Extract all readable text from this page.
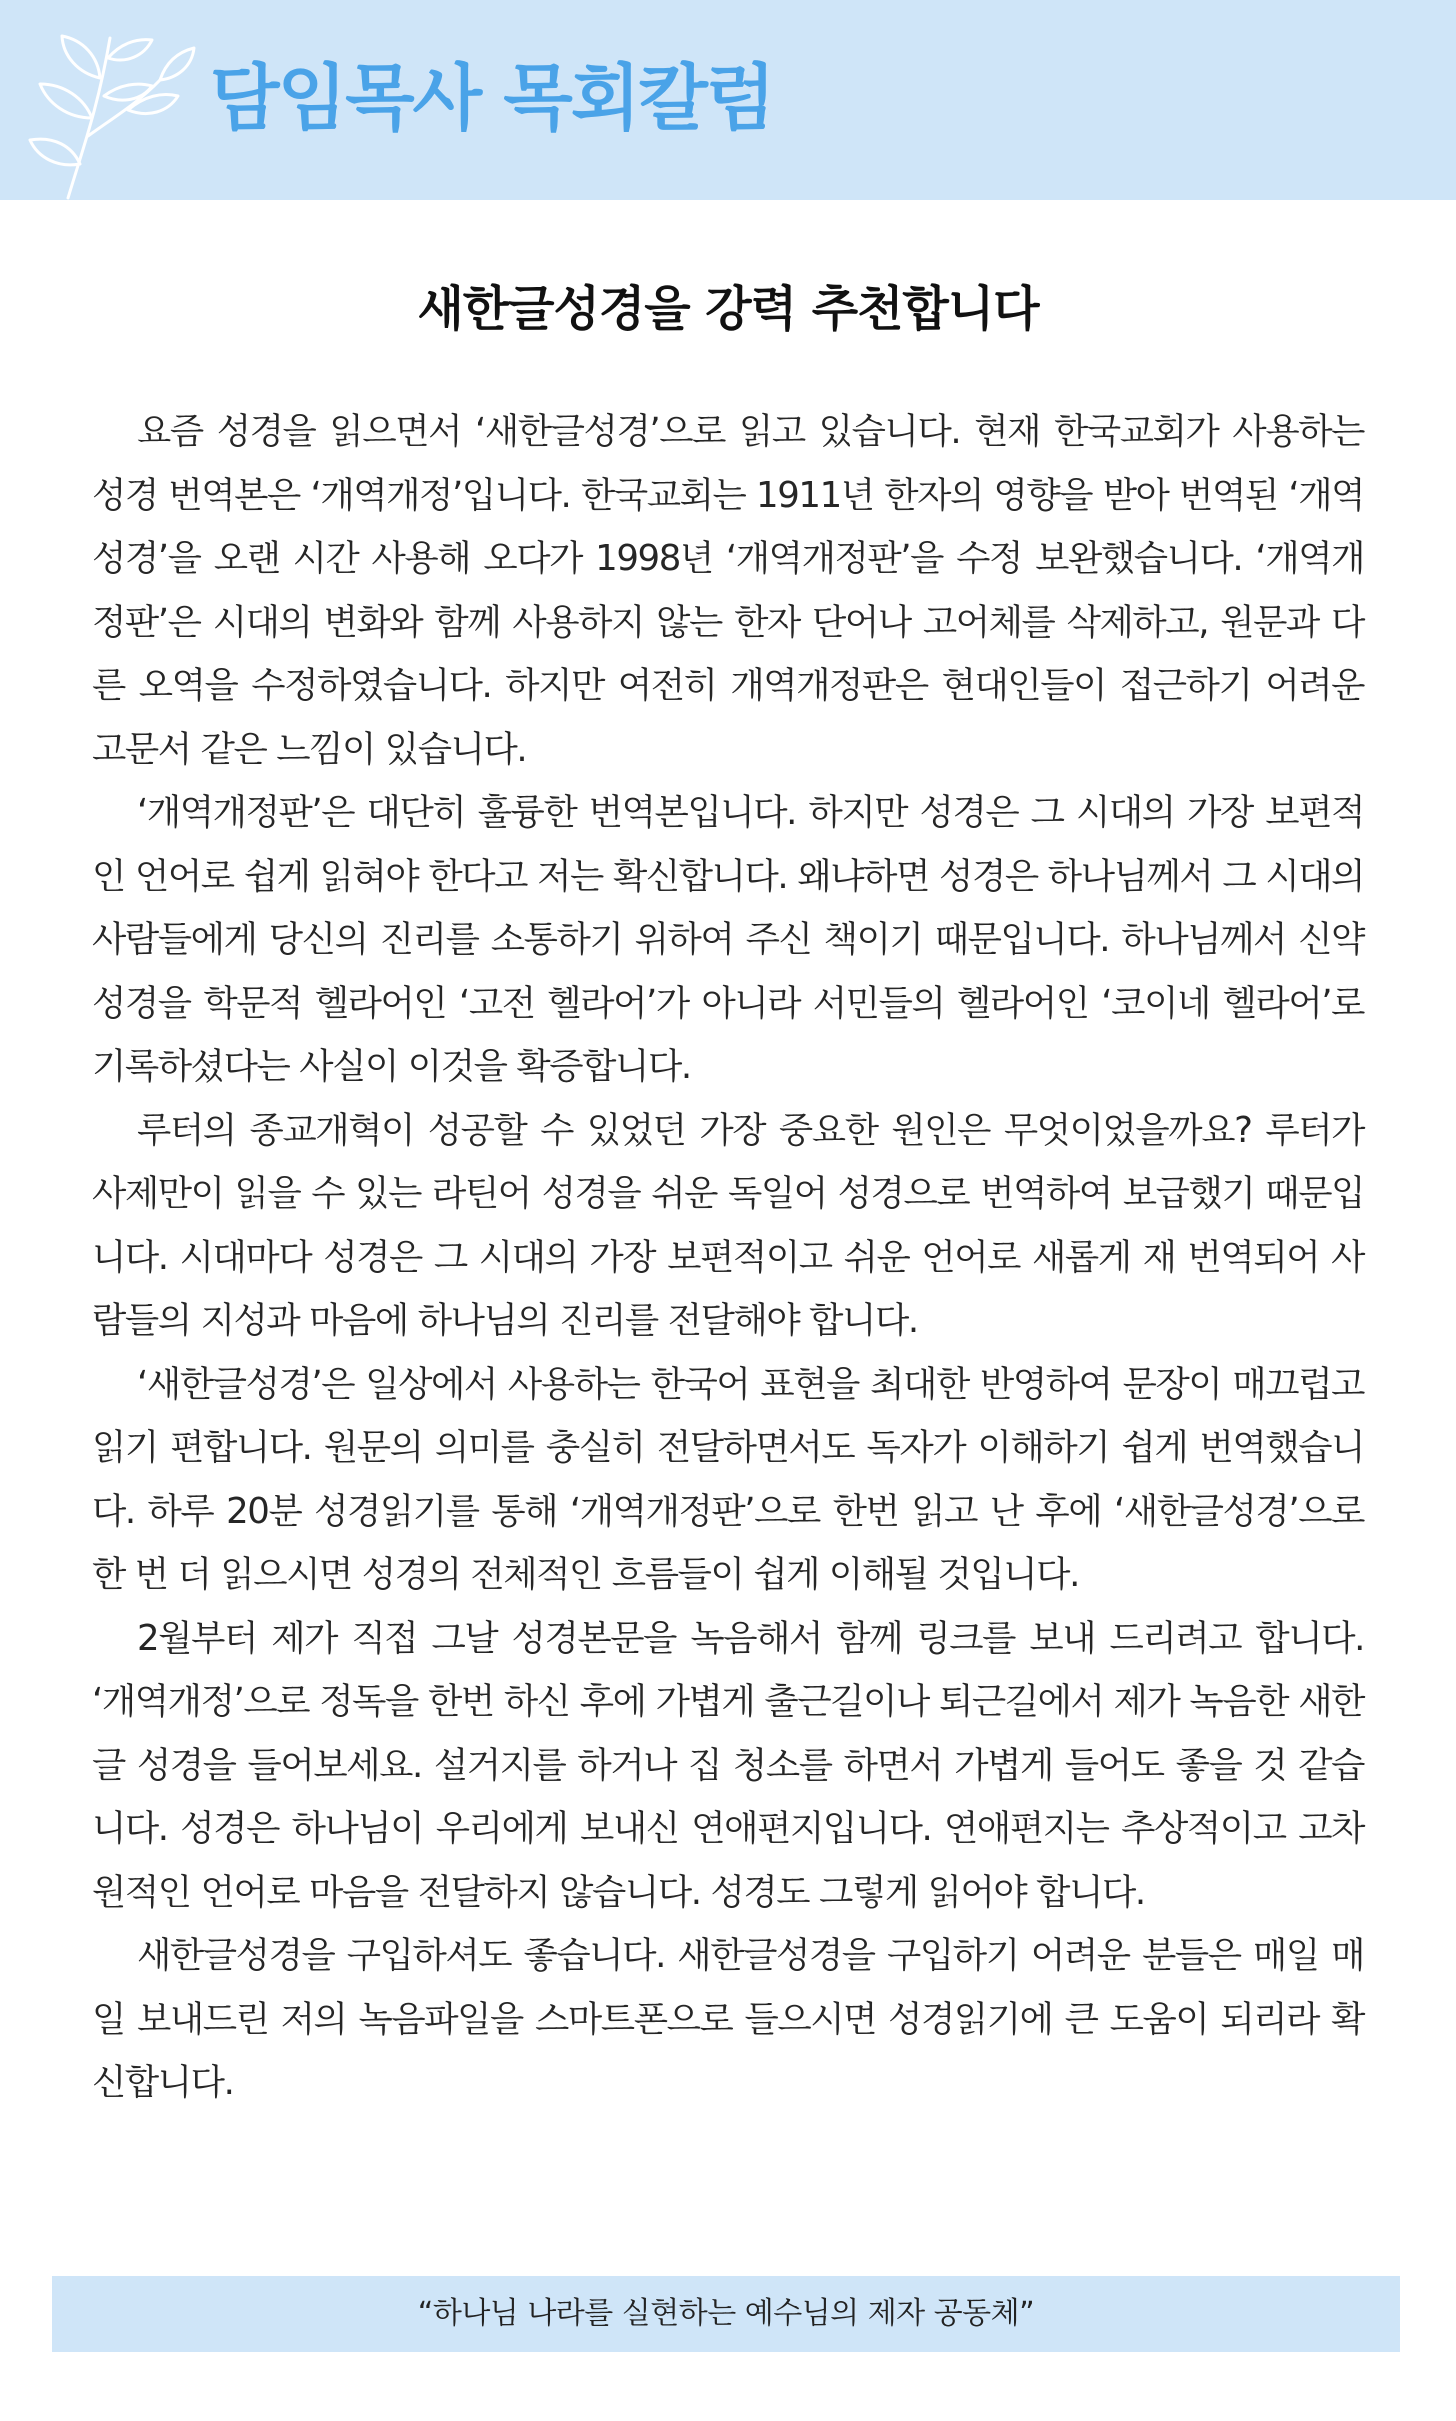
담임목사 목회칼럼
새한글성경을 강력 추천합니다

요즘 성경을 읽으면서 ‘새한글성경’으로 읽고 있습니다. 현재 한국교회가 사용하는 성경 번역본은 ‘개역개정’입니다. 한국교회는 1911년 한자의 영향을 받아 번역된 ‘개역성경’을 오랜 시간 사용해 오다가 1998년 ‘개역개정판’을 수정 보완했습니다. ‘개역개정판’은 시대의 변화와 함께 사용하지 않는 한자 단어나 고어체를 삭제하고, 원문과 다른 오역을 수정하였습니다. 하지만 여전히 개역개정판은 현대인들이 접근하기 어려운 고문서 같은 느낌이 있습니다.

‘개역개정판’은 대단히 훌륭한 번역본입니다. 하지만 성경은 그 시대의 가장 보편적인 언어로 쉽게 읽혀야 한다고 저는 확신합니다. 왜냐하면 성경은 하나님께서 그 시대의 사람들에게 당신의 진리를 소통하기 위하여 주신 책이기 때문입니다. 하나님께서 신약성경을 학문적 헬라어인 ‘고전 헬라어’가 아니라 서민들의 헬라어인 ‘코이네 헬라어’로 기록하셨다는 사실이 이것을 확증합니다.

루터의 종교개혁이 성공할 수 있었던 가장 중요한 원인은 무엇이었을까요? 루터가 사제만이 읽을 수 있는 라틴어 성경을 쉬운 독일어 성경으로 번역하여 보급했기 때문입니다. 시대마다 성경은 그 시대의 가장 보편적이고 쉬운 언어로 새롭게 재 번역되어 사람들의 지성과 마음에 하나님의 진리를 전달해야 합니다.

‘새한글성경’은 일상에서 사용하는 한국어 표현을 최대한 반영하여 문장이 매끄럽고 읽기 편합니다. 원문의 의미를 충실히 전달하면서도 독자가 이해하기 쉽게 번역했습니다. 하루 20분 성경읽기를 통해 ‘개역개정판’으로 한번 읽고 난 후에 ‘새한글성경’으로 한 번 더 읽으시면 성경의 전체적인 흐름들이 쉽게 이해될 것입니다.

2월부터 제가 직접 그날 성경본문을 녹음해서 함께 링크를 보내 드리려고 합니다. ‘개역개정’으로 정독을 한번 하신 후에 가볍게 출근길이나 퇴근길에서 제가 녹음한 새한글 성경을 들어보세요. 설거지를 하거나 집 청소를 하면서 가볍게 들어도 좋을 것 같습니다. 성경은 하나님이 우리에게 보내신 연애편지입니다. 연애편지는 추상적이고 고차원적인 언어로 마음을 전달하지 않습니다. 성경도 그렇게 읽어야 합니다.

새한글성경을 구입하셔도 좋습니다. 새한글성경을 구입하기 어려운 분들은 매일 매일 보내드린 저의 녹음파일을 스마트폰으로 들으시면 성경읽기에 큰 도움이 되리라 확신합니다.

“하나님 나라를 실현하는 예수님의 제자 공동체”
